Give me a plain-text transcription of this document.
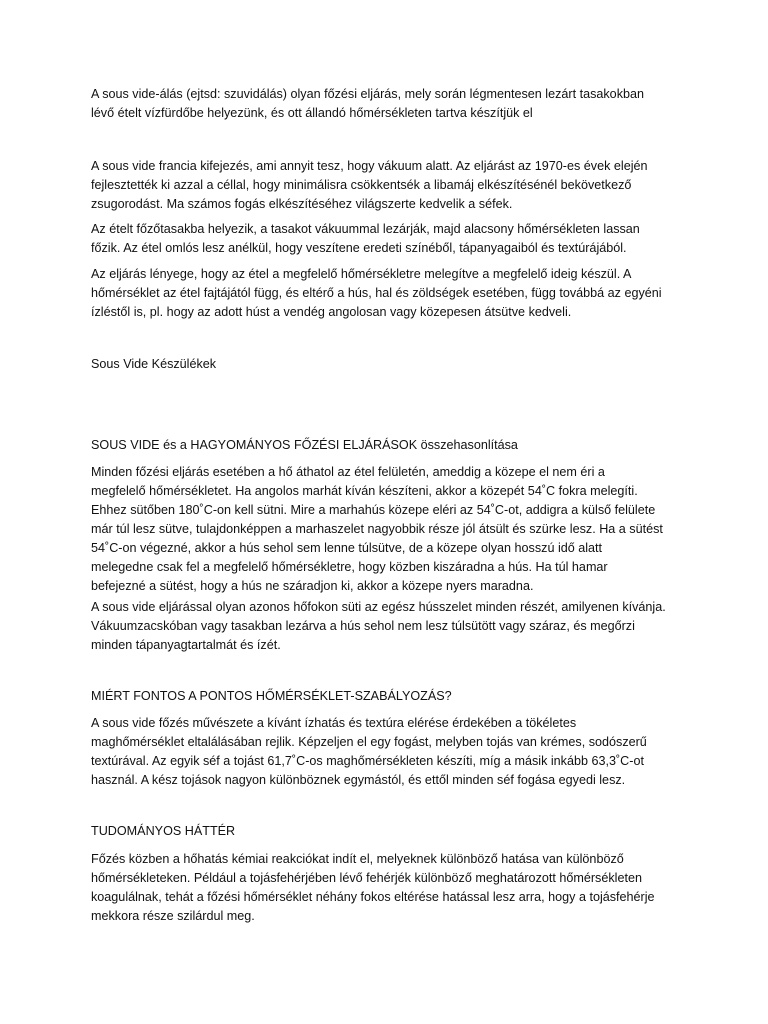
A sous vide-álás (ejtsd: szuvidálás) olyan főzési eljárás, mely során légmentesen lezárt tasakokban
lévő ételt vízfürdőbe helyezünk, és ott állandó hőmérsékleten tartva készítjük el
A sous vide francia kifejezés, ami annyit tesz, hogy vákuum alatt. Az eljárást az 1970-es évek elején
fejlesztették ki azzal a céllal, hogy minimálisra csökkentsék a libamáj elkészítésénél bekövetkező
zsugorodást. Ma számos fogás elkészítéséhez világszerte kedvelik a séfek.
Az ételt főzőtasakba helyezik, a tasakot vákuummal lezárják, majd alacsony hőmérsékleten lassan
főzik. Az étel omlós lesz anélkül, hogy veszítene eredeti színéből, tápanyagaiból és textúrájából.
Az eljárás lényege, hogy az étel a megfelelő hőmérsékletre melegítve a megfelelő ideig készül. A
hőmérséklet az étel fajtájától függ, és eltérő a hús, hal és zöldségek esetében, függ továbbá az egyéni
ízléstől is, pl. hogy az adott húst a vendég angolosan vagy közepesen átsütve kedveli.
Sous Vide Készülékek
SOUS VIDE és a HAGYOMÁNYOS FŐZÉSI ELJÁRÁSOK összehasonlítása
Minden főzési eljárás esetében a hő áthatol az étel felületén, ameddig a közepe el nem éri a
megfelelő hőmérsékletet. Ha angolos marhát kíván készíteni, akkor a közepét 54˚C fokra melegíti.
Ehhez sütőben 180˚C-on kell sütni. Mire a marhahús közepe eléri az 54˚C-ot, addigra a külső felülete
már túl lesz sütve, tulajdonképpen a marhaszelet nagyobbik része jól átsült és szürke lesz. Ha a sütést
54˚C-on végezné, akkor a hús sehol sem lenne túlsütve, de a közepe olyan hosszú idő alatt
melegedne csak fel a megfelelő hőmérsékletre, hogy közben kiszáradna a hús. Ha túl hamar
befejezné a sütést, hogy a hús ne száradjon ki, akkor a közepe nyers maradna.
A sous vide eljárással olyan azonos hőfokon süti az egész hússzelet minden részét, amilyenen kívánja.
Vákuumzacskóban vagy tasakban lezárva a hús sehol nem lesz túlsütött vagy száraz, és megőrzi
minden tápanyagtartalmát és ízét.
MIÉRT FONTOS A PONTOS HŐMÉRSÉKLET-SZABÁLYOZÁS?
A sous vide főzés művészete a kívánt ízhatás és textúra elérése érdekében a tökéletes
maghőmérséklet eltalálásában rejlik. Képzeljen el egy fogást, melyben tojás van krémes, sodószerű
textúrával. Az egyik séf a tojást 61,7˚C-os maghőmérsékleten készíti, míg a másik inkább 63,3˚C-ot
használ. A kész tojások nagyon különböznek egymástól, és ettől minden séf fogása egyedi lesz.
TUDOMÁNYOS HÁTTÉR
Főzés közben a hőhatás kémiai reakciókat indít el, melyeknek különböző hatása van különböző
hőmérsékleteken. Például a tojásfehérjében lévő fehérjék különböző meghatározott hőmérsékleten
koagulálnak, tehát a főzési hőmérséklet néhány fokos eltérése hatással lesz arra, hogy a tojásfehérje
mekkora része szilárdul meg.
